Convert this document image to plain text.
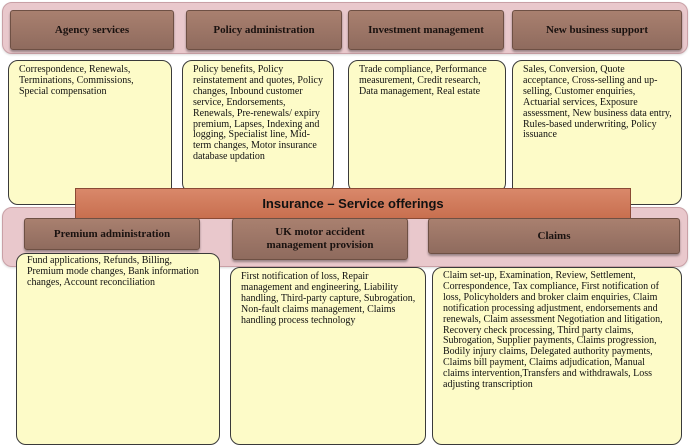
Correspondence, Renewals, Terminations, Commissions, Special compensation
Policy benefits, Policy reinstatement and quotes, Policy changes, Inbound customer service, Endorsements, Renewals, Pre-renewals/ expiry premium, Lapses, Indexing and logging, Specialist line, Mid-term changes, Motor insurance database updation
Trade compliance, Performance measurement, Credit research, Data management, Real estate
Sales, Conversion, Quote acceptance, Cross-selling and up-selling, Customer enquiries, Actuarial services, Exposure assessment, New business data entry, Rules-based underwriting, Policy issuance
Agency services	Policy administration	Investment management	New business support
Insurance – Service offerings
Fund applications, Refunds, Billing, Premium mode changes, Bank information changes, Account reconciliation
First notification of loss, Repair management and engineering, Liability handling, Third-party capture, Subrogation, Non-fault claims management, Claims handling process technology
Claim set-up, Examination, Review, Settlement, Correspondence, Tax compliance, First notification of loss, Policyholders and broker claim enquiries, Claim notification processing adjustment, endorsements and renewals, Claim assessment Negotiation and litigation, Recovery check processing, Third party claims, Subrogation, Supplier payments, Claims progression, Bodily injury claims, Delegated authority payments, Claims bill payment, Claims adjudication, Manual claims intervention,Transfers and withdrawals, Loss adjusting transcription
Premium administration	UK motor accident
management provision
Claims
